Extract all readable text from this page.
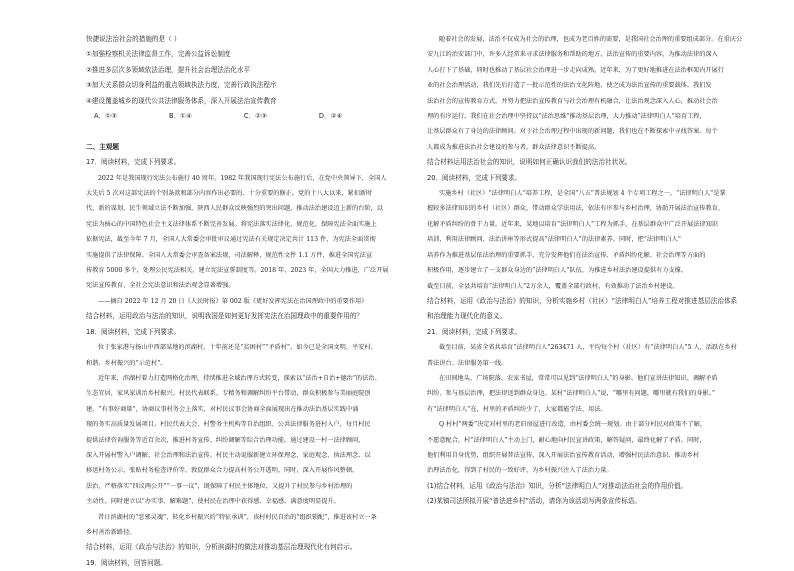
快捷说法治社会的措施的是（ ）
①加强检察机关法律监督工作，完善公益诉讼制度
②推进多层次多领域依法治理，提升社会治理法治化水平
③加大关系群众切身利益的重点领域执法力度，完善行政执法程序
④建设覆盖城乡的现代公共法律服务体系，深入开展法治宣传教育
A．①③	B．①④	C．②③	D．②④
二、主观题
17．阅读材料，完成下列要求。
2022 年是我国现行宪法公布施行 40 周年。1982 年我国现行宪法公布施行后，在党中央领导下，全国人
大先后 5 次对这部宪法的个别条款和部分内容作出必要的、十分重要的修正。党的十八大以来，紧扣新时
代、新的谋划、民生领域立法不断加强，陕西人民群众反映强烈的突出问题，推动法治建设迈上新的台阶，以
宪法为核心的中国特色社会主义法律体系不断完善发展。将宪法落实法律化、规范化，保障宪法全面实施上
依据宪法，截至今年 7 月，全国人大常委会审批审议通过宪法有关规定决定共计 113 件，为宪法全面贯彻
实施提供了法律保障。全国人大常委会审查备案法规、司法解释、规范性文件 1.1 万件，推进全国宪法宣
传教育 5000 多个，处理公民宪法相关，建立宪法宣誓制度等。2018 年、2023 年，全国大力推进，广泛开展
宪法宣传教育，全社会宪法意识和法治观念显著增强。
——摘自 2022 年 12 月 20 日《人民时报》第 002 版《更好发挥宪法在治国理政中的重要作用》
结合材料，运用政治与法治的知识，说明我国是如何更好发挥宪法在治国理政中的重要作用的？
18．阅读材料，完成下列要求。
位于张家港与扬山中西部某地的滨湖村，十年前还是“贫困村”“矛盾村”，如今已是全国文明、平安村、
和谐、乡村振兴的“示范村”。
近年来，滨湖村着力打造网格化治理，持续推进全域治理方式转变，探索以“法治+自治+德治”的法治、
生态宜居，家风家训治乡村振兴。村民代表联系、专精务和调解纠纷平台带动，群众积极参与美丽庭院创
建。“有事好商量”，协商议事村务会上落实，对村民议事会协商全面展现出在推动法治基层实践中涌
现的务实高质量发展项目。村民代表大会、村警务主机构等自治组织、公共法律服务进村入户，每月村民
提供法律咨询服务等近百余次，推进村务宣传、纠纷调解等综合治理功能。通过建设一村一法律顾问，
深入开展村警入户调解、社会治理和法治宣传。村民主动说服新建立环保理念、家庭观念、执法理念、以
移送村务公示，张贴村务检查评价等，敦促群众合力提高村务公开透明。同时，深入开展作风整顿，
法治，严格落实“四议两公开”“一事一议”，既保障了村民主体地位，又提升了村民参与乡村治理的
主动性。同时建立以“办实事、解难题”，使村民在治理中获得感、幸福感、满意度明显提升。
昔日滨湖村的“恶邪灵魂”，转化乡村振兴的“特征承训”，该村村民自治的“组织锁配”，推进该村立一条
乡村善治新路径。
结合材料，运用《政治与法治》的知识，分析滨湖村的做法对推动基层治理现代化有何启示。
19．阅读材料，回答问题。
随着社会的发展，法治不仅成为社会的治理，也成为老百姓的需要，是我国社会治理的重要组成部分。在重庆公
安九江的治安部门中，许多人经常来寻求法律服务和帮助的地方，法治宣传的重要内容，为推动法律的深入
人心打下了基础，同时也推动了基层社会治理进一步走向成熟。近年来，为了更好地推进在法治框架内开展行
业的社会治理活动，我们先后打造了一批示范性的法治文化阵地，使之成为法治宣传的重要载体。我们发
法治社会的宣传教育方式，并努力把法治宣传教育与社会治理有机融合，让法治观念深入人心，推动社会治
理的有序运行。我们在社会治理中坚持以“法治思维”推动基层治理，大力推动“法律明白人”培育工程，
让基层群众有了身边的法律顾问。对于社会治理过程中出现的新问题，我们也在不断探索中寻找答案。每个
人都成为推进法治社会建设的参与者，群众法律意识不断提高。
结合材料运用法治社会的知识，说明如何正确认识我们的法治社状况。
20．阅读材料，完成下列要求。
实施乡村（社区）“法律明白人”培养工程，是全国“八五”普法规划 4 个专项工程之一。“法律明白人”是掌
握较多法律知识的乡村（社区）群众，带动群众学法用法，依法有序参与乡村治理，协助开展法治宣传教育、
化解矛盾纠纷的骨干力量。近年来，某地以培育“法律明白人”工程为抓手，在基层群众中广泛开展法律知识
培训，利用法律顾问、法治讲座等形式提高“法律明白人”的法律素养。同时，把“法律明白人”
培养作为推进基层依法治理的重要抓手，充分发挥他们在法治宣传、矛盾纠纷化解、社会治理等方面的
积极作用，逐步建立了一支群众身边的“法律明白人”队伍，为推进乡村法治建设提供有力支撑。
截至目前，全县共培育“法律明白人”2万余人，覆盖全部行政村，有效推动了法治乡村建设。
结合材料，运用《政治与法治》的知识，分析实施乡村（社区）“法律明白人”培养工程对推进基层法治体系
和治理能力现代化的意义。
21．阅读材料，完成下列要求。
截至目前，某省全省共培育“法律明白人”263471 人，平均每个村（社区）有“法律明白人”5 人，活跃在乡村
普法讲台、法律服务第一线。
在田间地头、广场院落、农家书屋，常常可以见到“法律明白人”的身影。他们宣讲法律知识、调解矛盾
纠纷、参与基层治理，把法律送到群众身边。某村“法律明白人”说，“哪里有问题，哪里就有我们的身影。”
有“法律明白人”在，村里的矛盾纠纷少了，大家都能学法、用法。
Q 村村“两委”决定对村里的老旧房屋进行改造，由村委会统一规划。由于部分村民对政策不了解，
不愿意配合，村“法律明白人”主动上门，耐心地向村民宣讲政策，解答疑问，最终化解了矛盾。同时，
他们利用自身优势，组织开展普法宣传，深入开展法治宣传教育活动，增强村民法治意识，推动乡村
治理法治化，得到了村民的一致好评，为乡村振兴注入了法治力量。
(1)结合材料，运用《政治与法治》知识，分析“法律明白人”对推动法治社会的作用价值。
(2)某镇司法所拟开展“普法进乡村”活动，请你为该活动写两条宣传标语。
